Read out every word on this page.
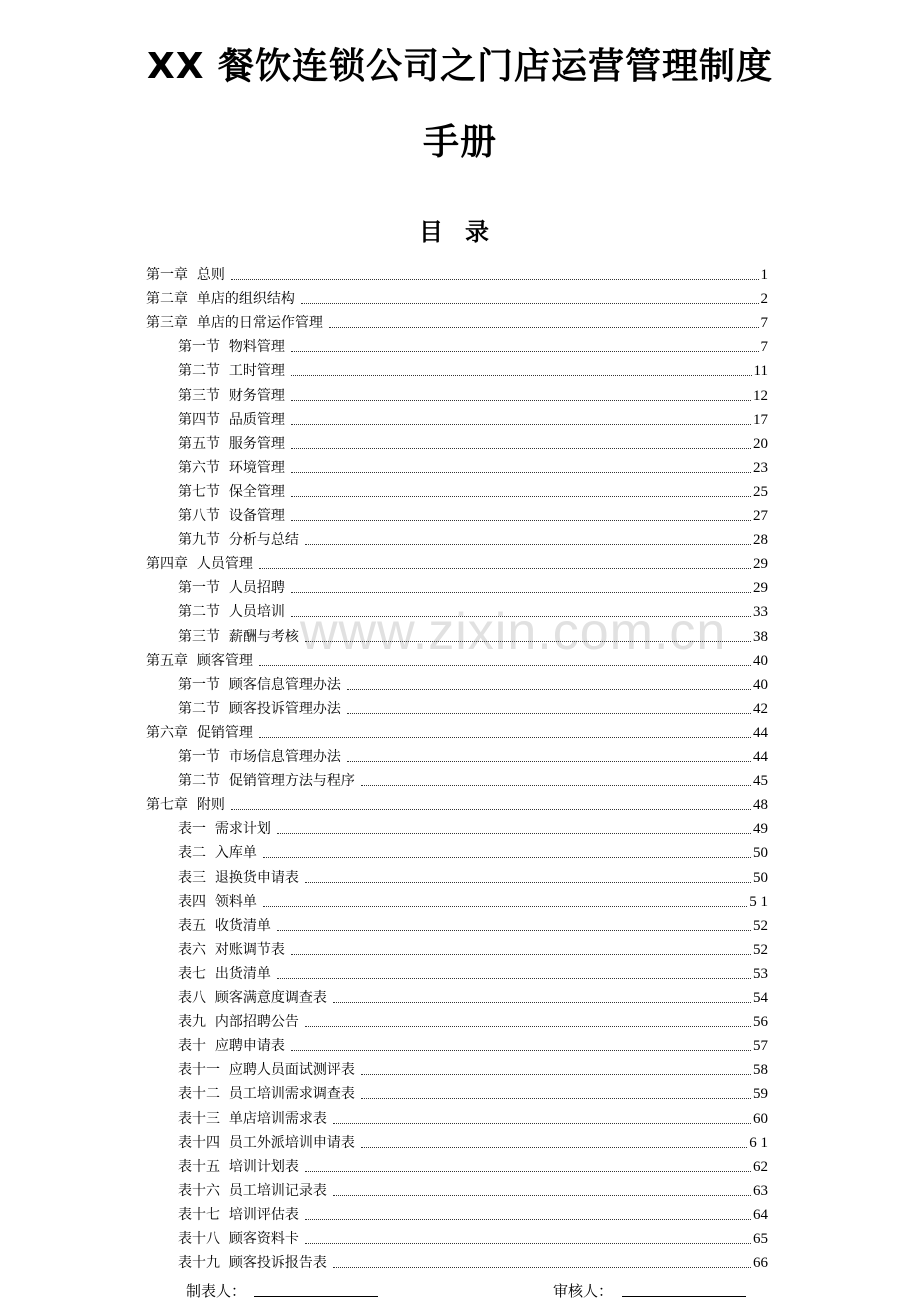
XX 餐饮连锁公司之门店运营管理制度
手册
目录
www.zixin.com.cn
第一章  总则	1
第二章  单店的组织结构	2
第三章  单店的日常运作管理	7
第一节  物料管理	7
第二节  工时管理	11
第三节  财务管理	12
第四节  品质管理	17
第五节  服务管理	20
第六节  环境管理	23
第七节  保全管理	25
第八节  设备管理	27
第九节  分析与总结	28
第四章  人员管理	29
第一节  人员招聘	29
第二节  人员培训	33
第三节  薪酬与考核	38
第五章  顾客管理	40
第一节  顾客信息管理办法	40
第二节  顾客投诉管理办法	42
第六章  促销管理	44
第一节  市场信息管理办法	44
第二节  促销管理方法与程序	45
第七章  附则	48
表一  需求计划	49
表二  入库单	50
表三  退换货申请表	50
表四  领料单	5 1
表五  收货清单	52
表六  对账调节表	52
表七  出货清单	53
表八  顾客满意度调查表	54
表九  内部招聘公告	56
表十  应聘申请表	57
表十一  应聘人员面试测评表	58
表十二  员工培训需求调查表	59
表十三  单店培训需求表	60
表十四  员工外派培训申请表	6 1
表十五  培训计划表	62
表十六  员工培训记录表	63
表十七  培训评估表	64
表十八  顾客资料卡	65
表十九  顾客投诉报告表	66
制表人：	审核人：
